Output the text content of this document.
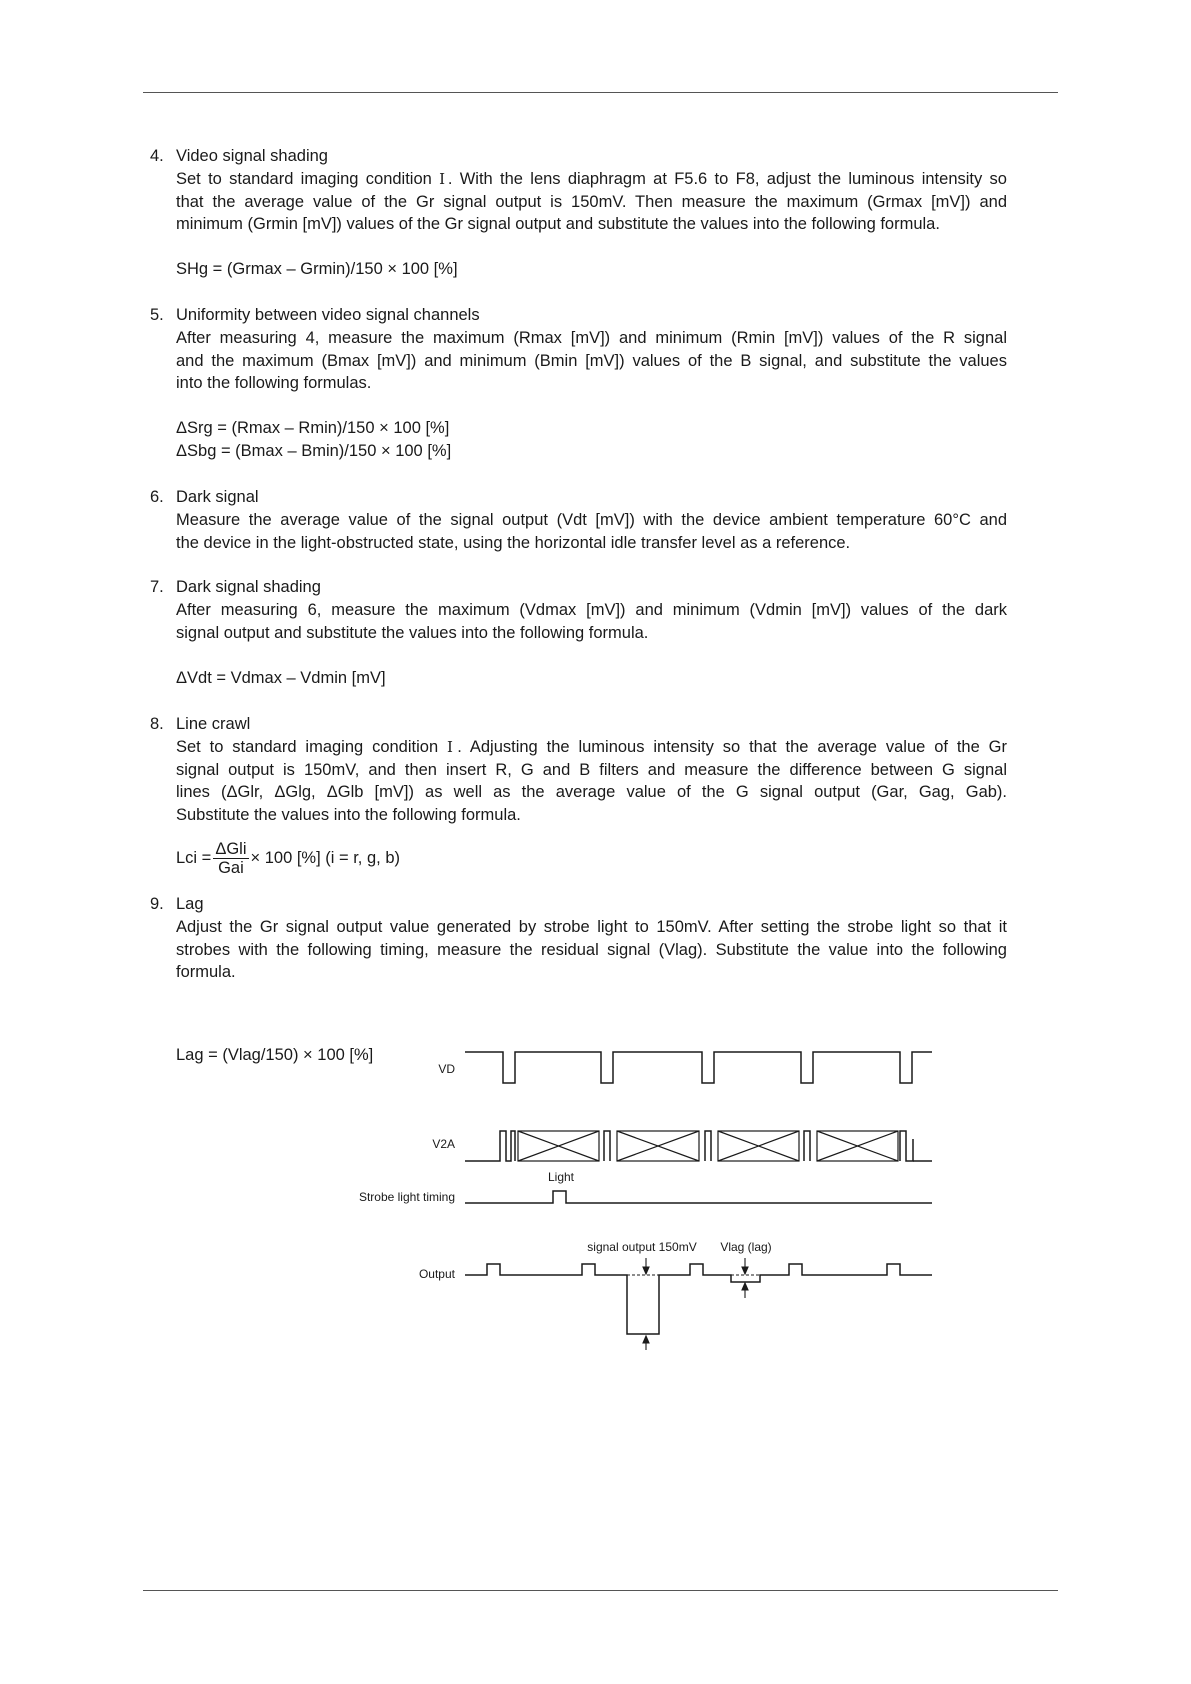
4. Video signal shading
Set to standard imaging condition Ⅰ. With the lens diaphragm at F5.6 to F8, adjust the luminous intensity so
that the average value of the Gr signal output is 150mV. Then measure the maximum (Grmax [mV]) and
minimum (Grmin [mV]) values of the Gr signal output and substitute the values into the following formula.
SHg = (Grmax – Grmin)/150 × 100 [%]
5. Uniformity between video signal channels
After measuring 4, measure the maximum (Rmax [mV]) and minimum (Rmin [mV]) values of the R signal
and the maximum (Bmax [mV]) and minimum (Bmin [mV]) values of the B signal, and substitute the values
into the following formulas.
ΔSrg = (Rmax – Rmin)/150 × 100 [%]
ΔSbg = (Bmax – Bmin)/150 × 100 [%]
6. Dark signal
Measure the average value of the signal output (Vdt [mV]) with the device ambient temperature 60°C and
the device in the light-obstructed state, using the horizontal idle transfer level as a reference.
7. Dark signal shading
After measuring 6, measure the maximum (Vdmax [mV]) and minimum (Vdmin [mV]) values of the dark
signal output and substitute the values into the following formula.
ΔVdt = Vdmax – Vdmin [mV]
8. Line crawl
Set to standard imaging condition Ⅰ. Adjusting the luminous intensity so that the average value of the Gr
signal output is 150mV, and then insert R, G and B filters and measure the difference between G signal
lines (ΔGlr, ΔGlg, ΔGlb [mV]) as well as the average value of the G signal output (Gar, Gag, Gab).
Substitute the values into the following formula.
Lci = $\frac{\text{ΔGli}}{\text{Gai}} \times 100$ [%] (i = r, g, b)
9. Lag
Adjust the Gr signal output value generated by strobe light to 150mV. After setting the strobe light so that it
strobes with the following timing, measure the residual signal (Vlag). Substitute the value into the following
formula.
Lag = (Vlag/150) × 100 [%]
VD
V2A
Strobe light timing
Light
Output
signal output 150mV Vlag (lag)
